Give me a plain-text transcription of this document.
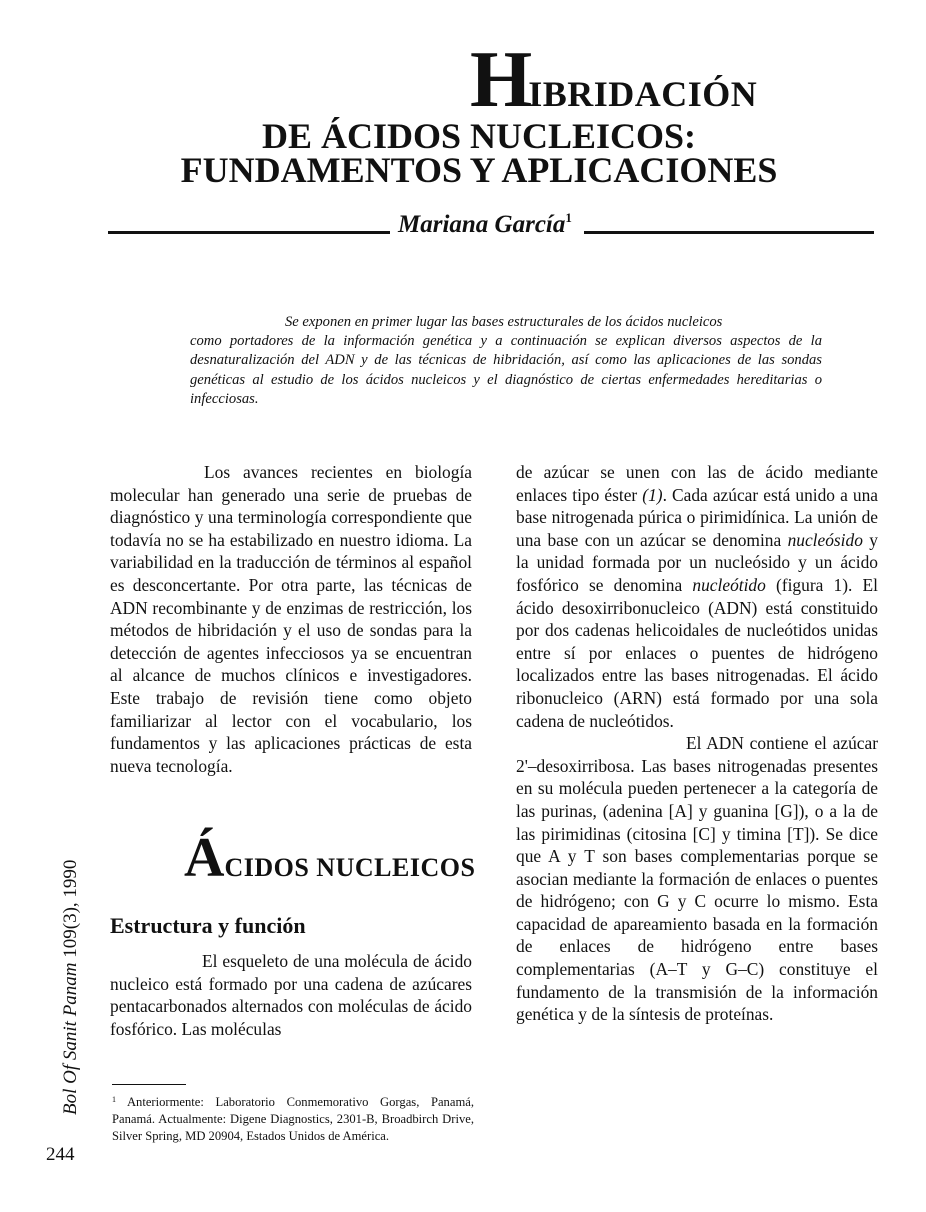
HIBRIDACIÓN
DE ÁCIDOS NUCLEICOS:
FUNDAMENTOS Y APLICACIONES
Mariana García$^1$
Se exponen en primer lugar las bases estructurales de los ácidos nucleicos
como portadores de la información genética y a continuación se explican diversos aspectos de la desnaturalización del ADN y de las técnicas de hibridación, así como las aplicaciones de las sondas genéticas al estudio de los ácidos nucleicos y el diagnóstico de ciertas enfermedades hereditarias o infecciosas.

Los avances recientes en biología molecular han generado una serie de pruebas de diagnóstico y una terminología correspondiente que todavía no se ha estabilizado en nuestro idioma. La variabilidad en la traducción de términos al español es desconcertante. Por otra parte, las técnicas de ADN recombinante y de enzimas de restricción, los métodos de hibridación y el uso de sondas para la detección de agentes infecciosos ya se encuentran al alcance de muchos clínicos e investigadores. Este trabajo de revisión tiene como objeto familiarizar al lector con el vocabulario, los fundamentos y las aplicaciones prácticas de esta nueva tecnología.

ÁCIDOS NUCLEICOS
Estructura y función

El esqueleto de una molécula de ácido nucleico está formado por una cadena de azúcares pentacarbonados alternados con moléculas de ácido fosfórico. Las moléculas

de azúcar se unen con las de ácido mediante enlaces tipo éster (1). Cada azúcar está unido a una base nitrogenada púrica o pirimidínica. La unión de una base con un azúcar se denomina nucleósido y la unidad formada por un nucleósido y un ácido fosfórico se denomina nucleótido (figura 1). El ácido desoxirribonucleico (ADN) está constituido por dos cadenas helicoidales de nucleótidos unidas entre sí por enlaces o puentes de hidrógeno localizados entre las bases nitrogenadas. El ácido ribonucleico (ARN) está formado por una sola cadena de nucleótidos.

El ADN contiene el azúcar 2'–desoxirribosa. Las bases nitrogenadas presentes en su molécula pueden pertenecer a la categoría de las purinas, (adenina [A] y guanina [G]), o a la de las pirimidinas (citosina [C] y timina [T]). Se dice que A y T son bases complementarias porque se asocian mediante la formación de enlaces o puentes de hidrógeno; con G y C ocurre lo mismo. Esta capacidad de apareamiento basada en la formación de enlaces de hidrógeno entre bases complementarias (A–T y G–C) constituye el fundamento de la transmisión de la información genética y de la síntesis de proteínas.

$^1$ Anteriormente: Laboratorio Conmemorativo Gorgas, Panamá, Panamá. Actualmente: Digene Diagnostics, 2301-B, Broadbirch Drive, Silver Spring, MD 20904, Estados Unidos de América.
Bol Of Sanit Panam 109(3), 1990
244
